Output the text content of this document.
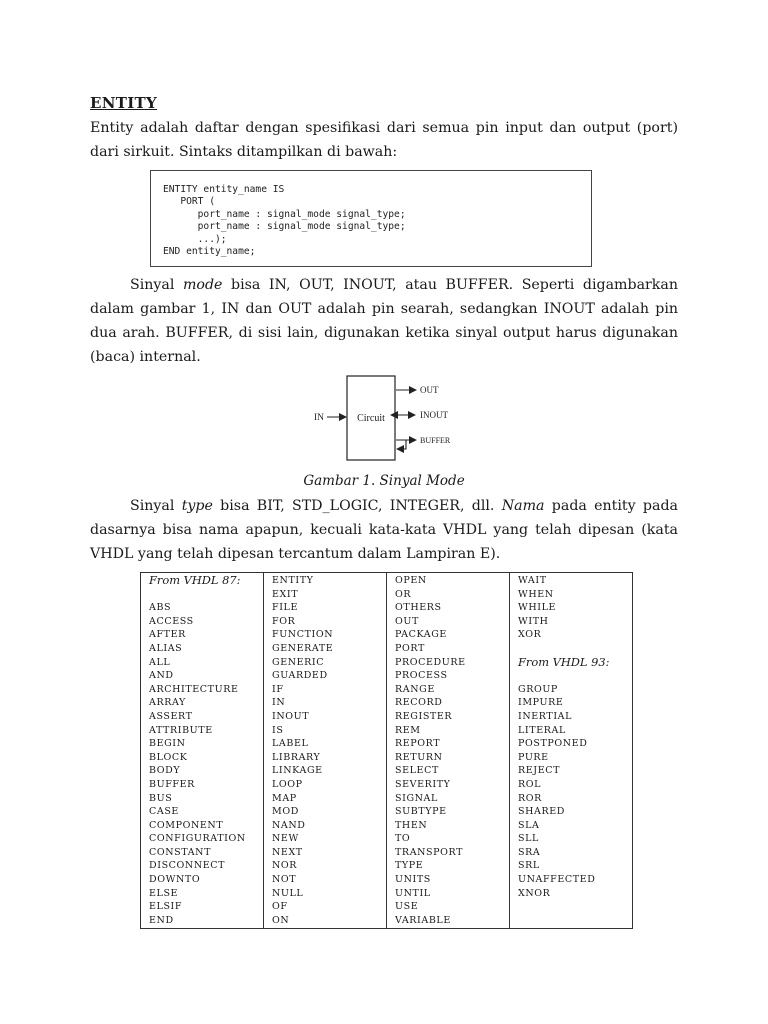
ENTITY

Entity adalah daftar dengan spesifikasi dari semua pin input dan output (port) dari sirkuit. Sintaks ditampilkan di bawah:

ENTITY entity_name IS
PORT (
port_name : signal_mode signal_type;
port_name : signal_mode signal_type;
...);
END entity_name;

Sinyal mode bisa IN, OUT, INOUT, atau BUFFER. Seperti digambarkan dalam gambar 1, IN dan OUT adalah pin searah, sedangkan INOUT adalah pin dua arah. BUFFER, di sisi lain, digunakan ketika sinyal output harus digunakan (baca) internal.

Circuit
IN
OUT
INOUT
BUFFER
Gambar 1. Sinyal Mode

Sinyal type bisa BIT, STD_LOGIC, INTEGER, dll. Nama pada entity pada dasarnya bisa nama apapun, kecuali kata-kata VHDL yang telah dipesan (kata VHDL yang telah dipesan tercantum dalam Lampiran E).

From VHDL 87:
ABS
ACCESS
AFTER
ALIAS
ALL
AND
ARCHITECTURE
ARRAY
ASSERT
ATTRIBUTE
BEGIN
BLOCK
BODY
BUFFER
BUS
CASE
COMPONENT
CONFIGURATION
CONSTANT
DISCONNECT
DOWNTO
ELSE
ELSIF
END

ENTITY
EXIT
FILE
FOR
FUNCTION
GENERATE
GENERIC
GUARDED
IF
IN
INOUT
IS
LABEL
LIBRARY
LINKAGE
LOOP
MAP
MOD
NAND
NEW
NEXT
NOR
NOT
NULL
OF
ON

OPEN
OR
OTHERS
OUT
PACKAGE
PORT
PROCEDURE
PROCESS
RANGE
RECORD
REGISTER
REM
REPORT
RETURN
SELECT
SEVERITY
SIGNAL
SUBTYPE
THEN
TO
TRANSPORT
TYPE
UNITS
UNTIL
USE
VARIABLE

WAIT
WHEN
WHILE
WITH
XOR
From VHDL 93:
GROUP
IMPURE
INERTIAL
LITERAL
POSTPONED
PURE
REJECT
ROL
ROR
SHARED
SLA
SLL
SRA
SRL
UNAFFECTED
XNOR
